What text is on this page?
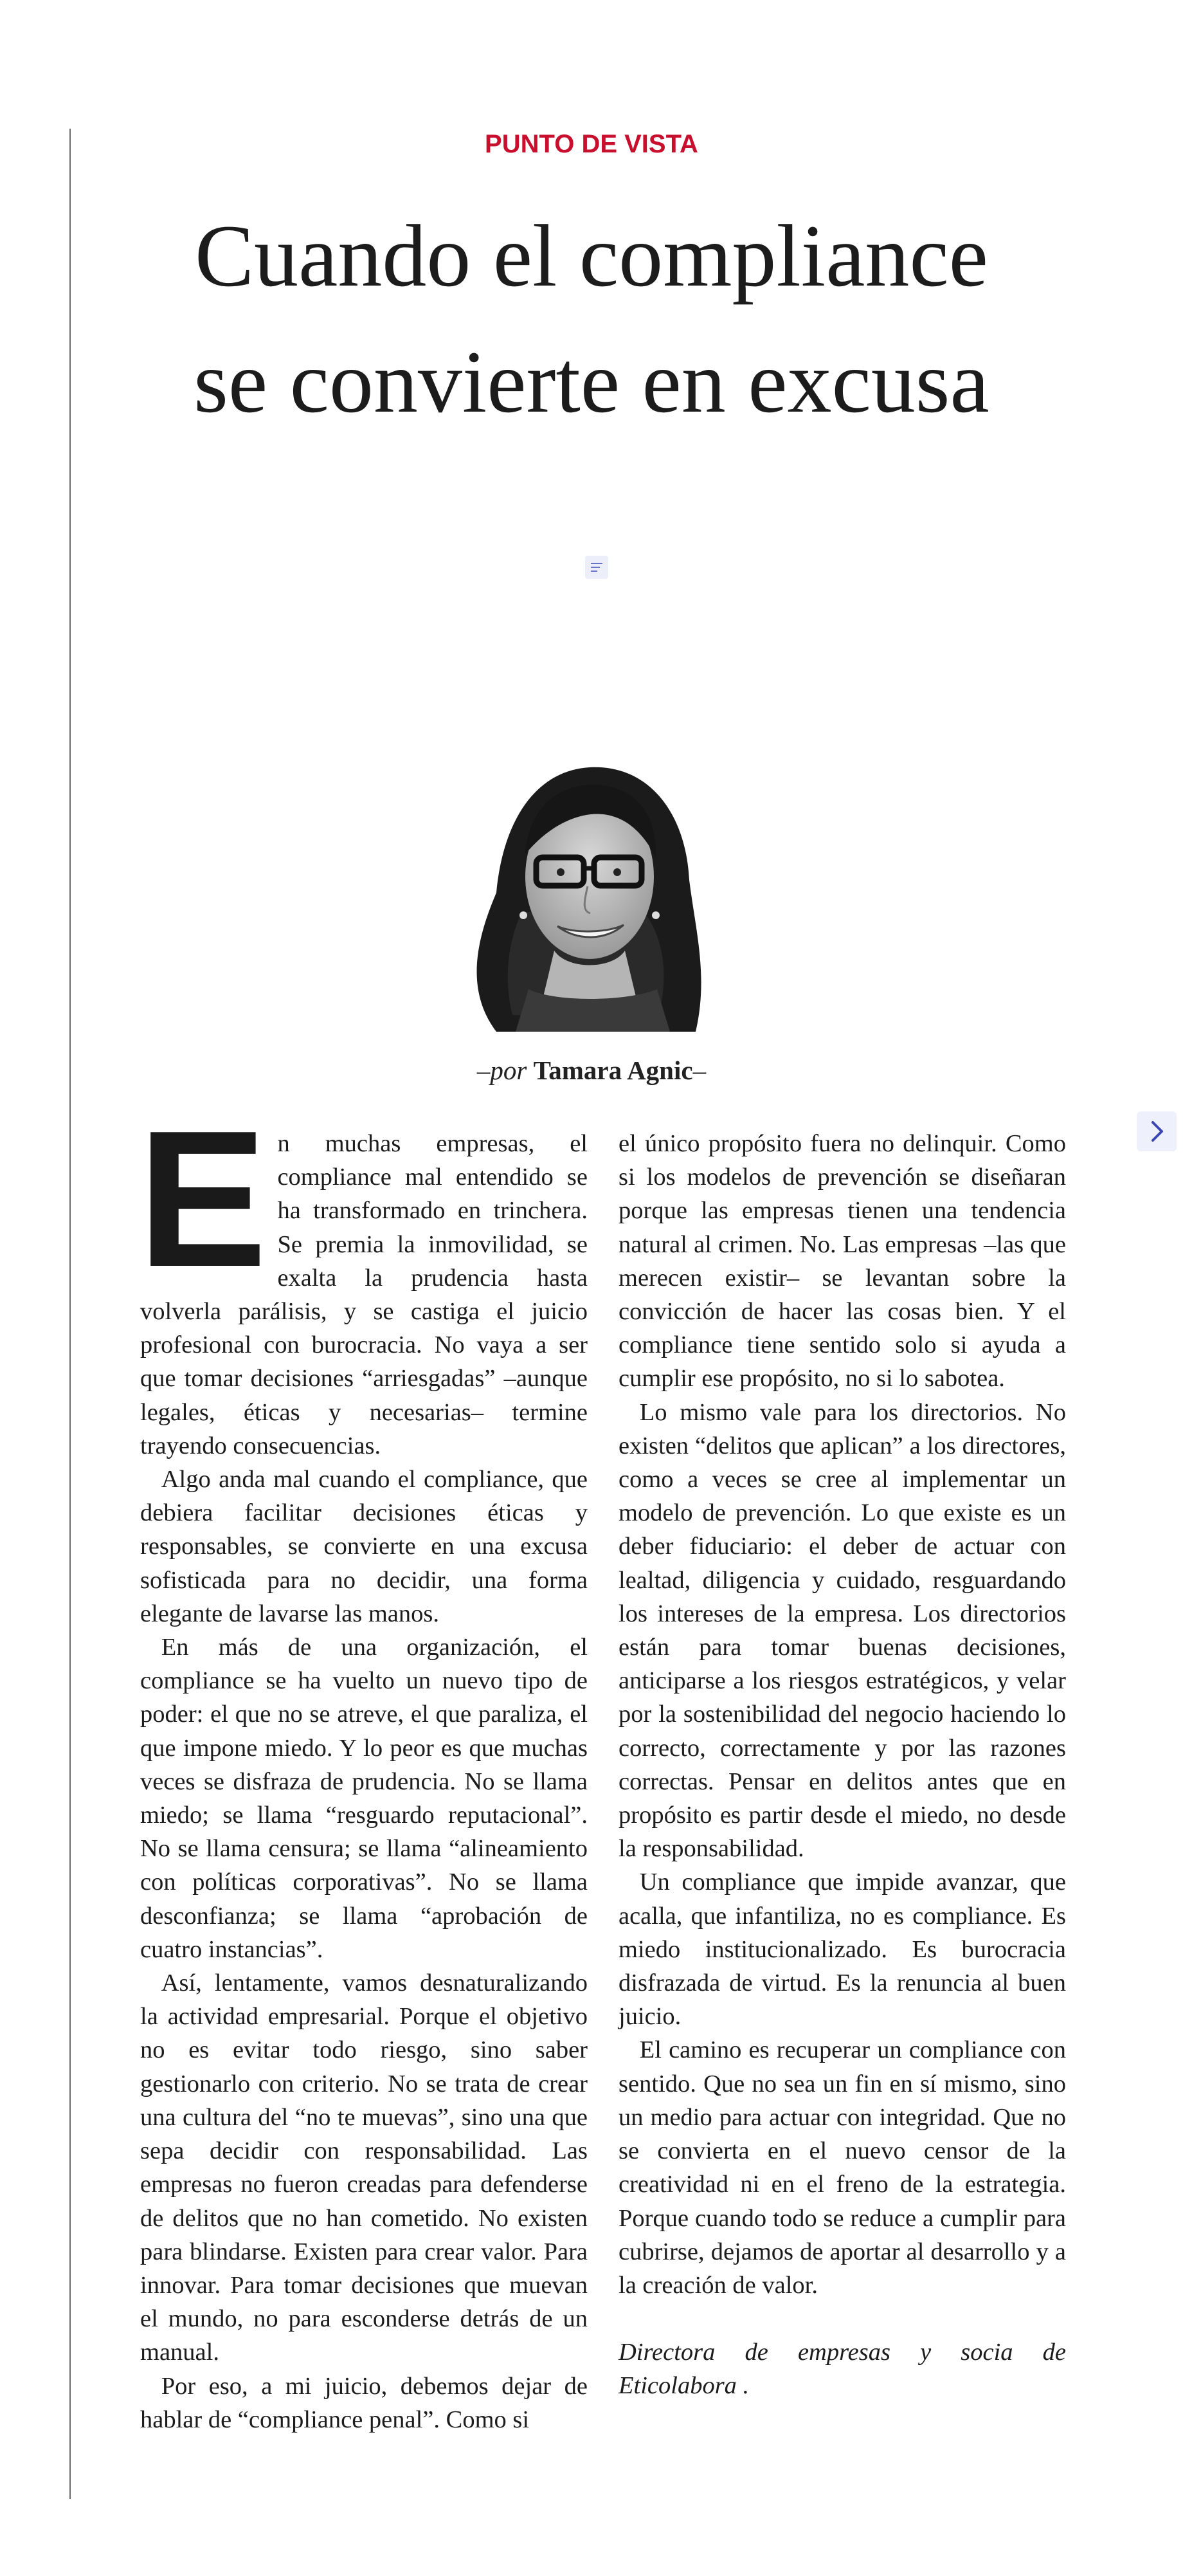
PUNTO DE VISTA
Cuando el compliance
se convierte en excusa
–por Tamara Agnic–

En muchas empresas, el compliance mal entendido se ha transformado en trinchera. Se premia la inmovilidad, se exalta la prudencia hasta volverla parálisis, y se castiga el juicio profesional con burocracia. No vaya a ser que tomar decisiones “arriesgadas” –aunque legales, éticas y necesarias– termine trayendo consecuencias.

Algo anda mal cuando el compliance, que debiera facilitar decisiones éticas y responsables, se convierte en una excusa sofisticada para no decidir, una forma elegante de lavarse las manos.

En más de una organización, el compliance se ha vuelto un nuevo tipo de poder: el que no se atreve, el que paraliza, el que impone miedo. Y lo peor es que muchas veces se disfraza de prudencia. No se llama miedo; se llama “resguardo reputacional”. No se llama censura; se llama “alineamiento con políticas corporativas”. No se llama desconfianza; se llama “aprobación de cuatro instancias”.

Así, lentamente, vamos desnaturalizando la actividad empresarial. Porque el objetivo no es evitar todo riesgo, sino saber gestionarlo con criterio. No se trata de crear una cultura del “no te muevas”, sino una que sepa decidir con responsabilidad. Las empresas no fueron creadas para defenderse de delitos que no han cometido. No existen para blindarse. Existen para crear valor. Para innovar. Para tomar decisiones que muevan el mundo, no para esconderse detrás de un manual.

Por eso, a mi juicio, debemos dejar de hablar de “compliance penal”. Como si

el único propósito fuera no delinquir. Como si los modelos de prevención se diseñaran porque las empresas tienen una tendencia natural al crimen. No. Las empresas –las que merecen existir– se levantan sobre la convicción de hacer las cosas bien. Y el compliance tiene sentido solo si ayuda a cumplir ese propósito, no si lo sabotea.

Lo mismo vale para los directorios. No existen “delitos que aplican” a los directores, como a veces se cree al implementar un modelo de prevención. Lo que existe es un deber fiduciario: el deber de actuar con lealtad, diligencia y cuidado, resguardando los intereses de la empresa. Los directorios están para tomar buenas decisiones, anticiparse a los riesgos estratégicos, y velar por la sostenibilidad del negocio haciendo lo correcto, correctamente y por las razones correctas. Pensar en delitos antes que en propósito es partir desde el miedo, no desde la responsabilidad.

Un compliance que impide avanzar, que acalla, que infantiliza, no es compliance. Es miedo institucionalizado. Es burocracia disfrazada de virtud. Es la renuncia al buen juicio.

El camino es recuperar un compliance con sentido. Que no sea un fin en sí mismo, sino un medio para actuar con integridad. Que no se convierta en el nuevo censor de la creatividad ni en el freno de la estrategia. Porque cuando todo se reduce a cumplir para cubrirse, dejamos de aportar al desarrollo y a la creación de valor.

Directora de empresas y socia de Eticolabora .
